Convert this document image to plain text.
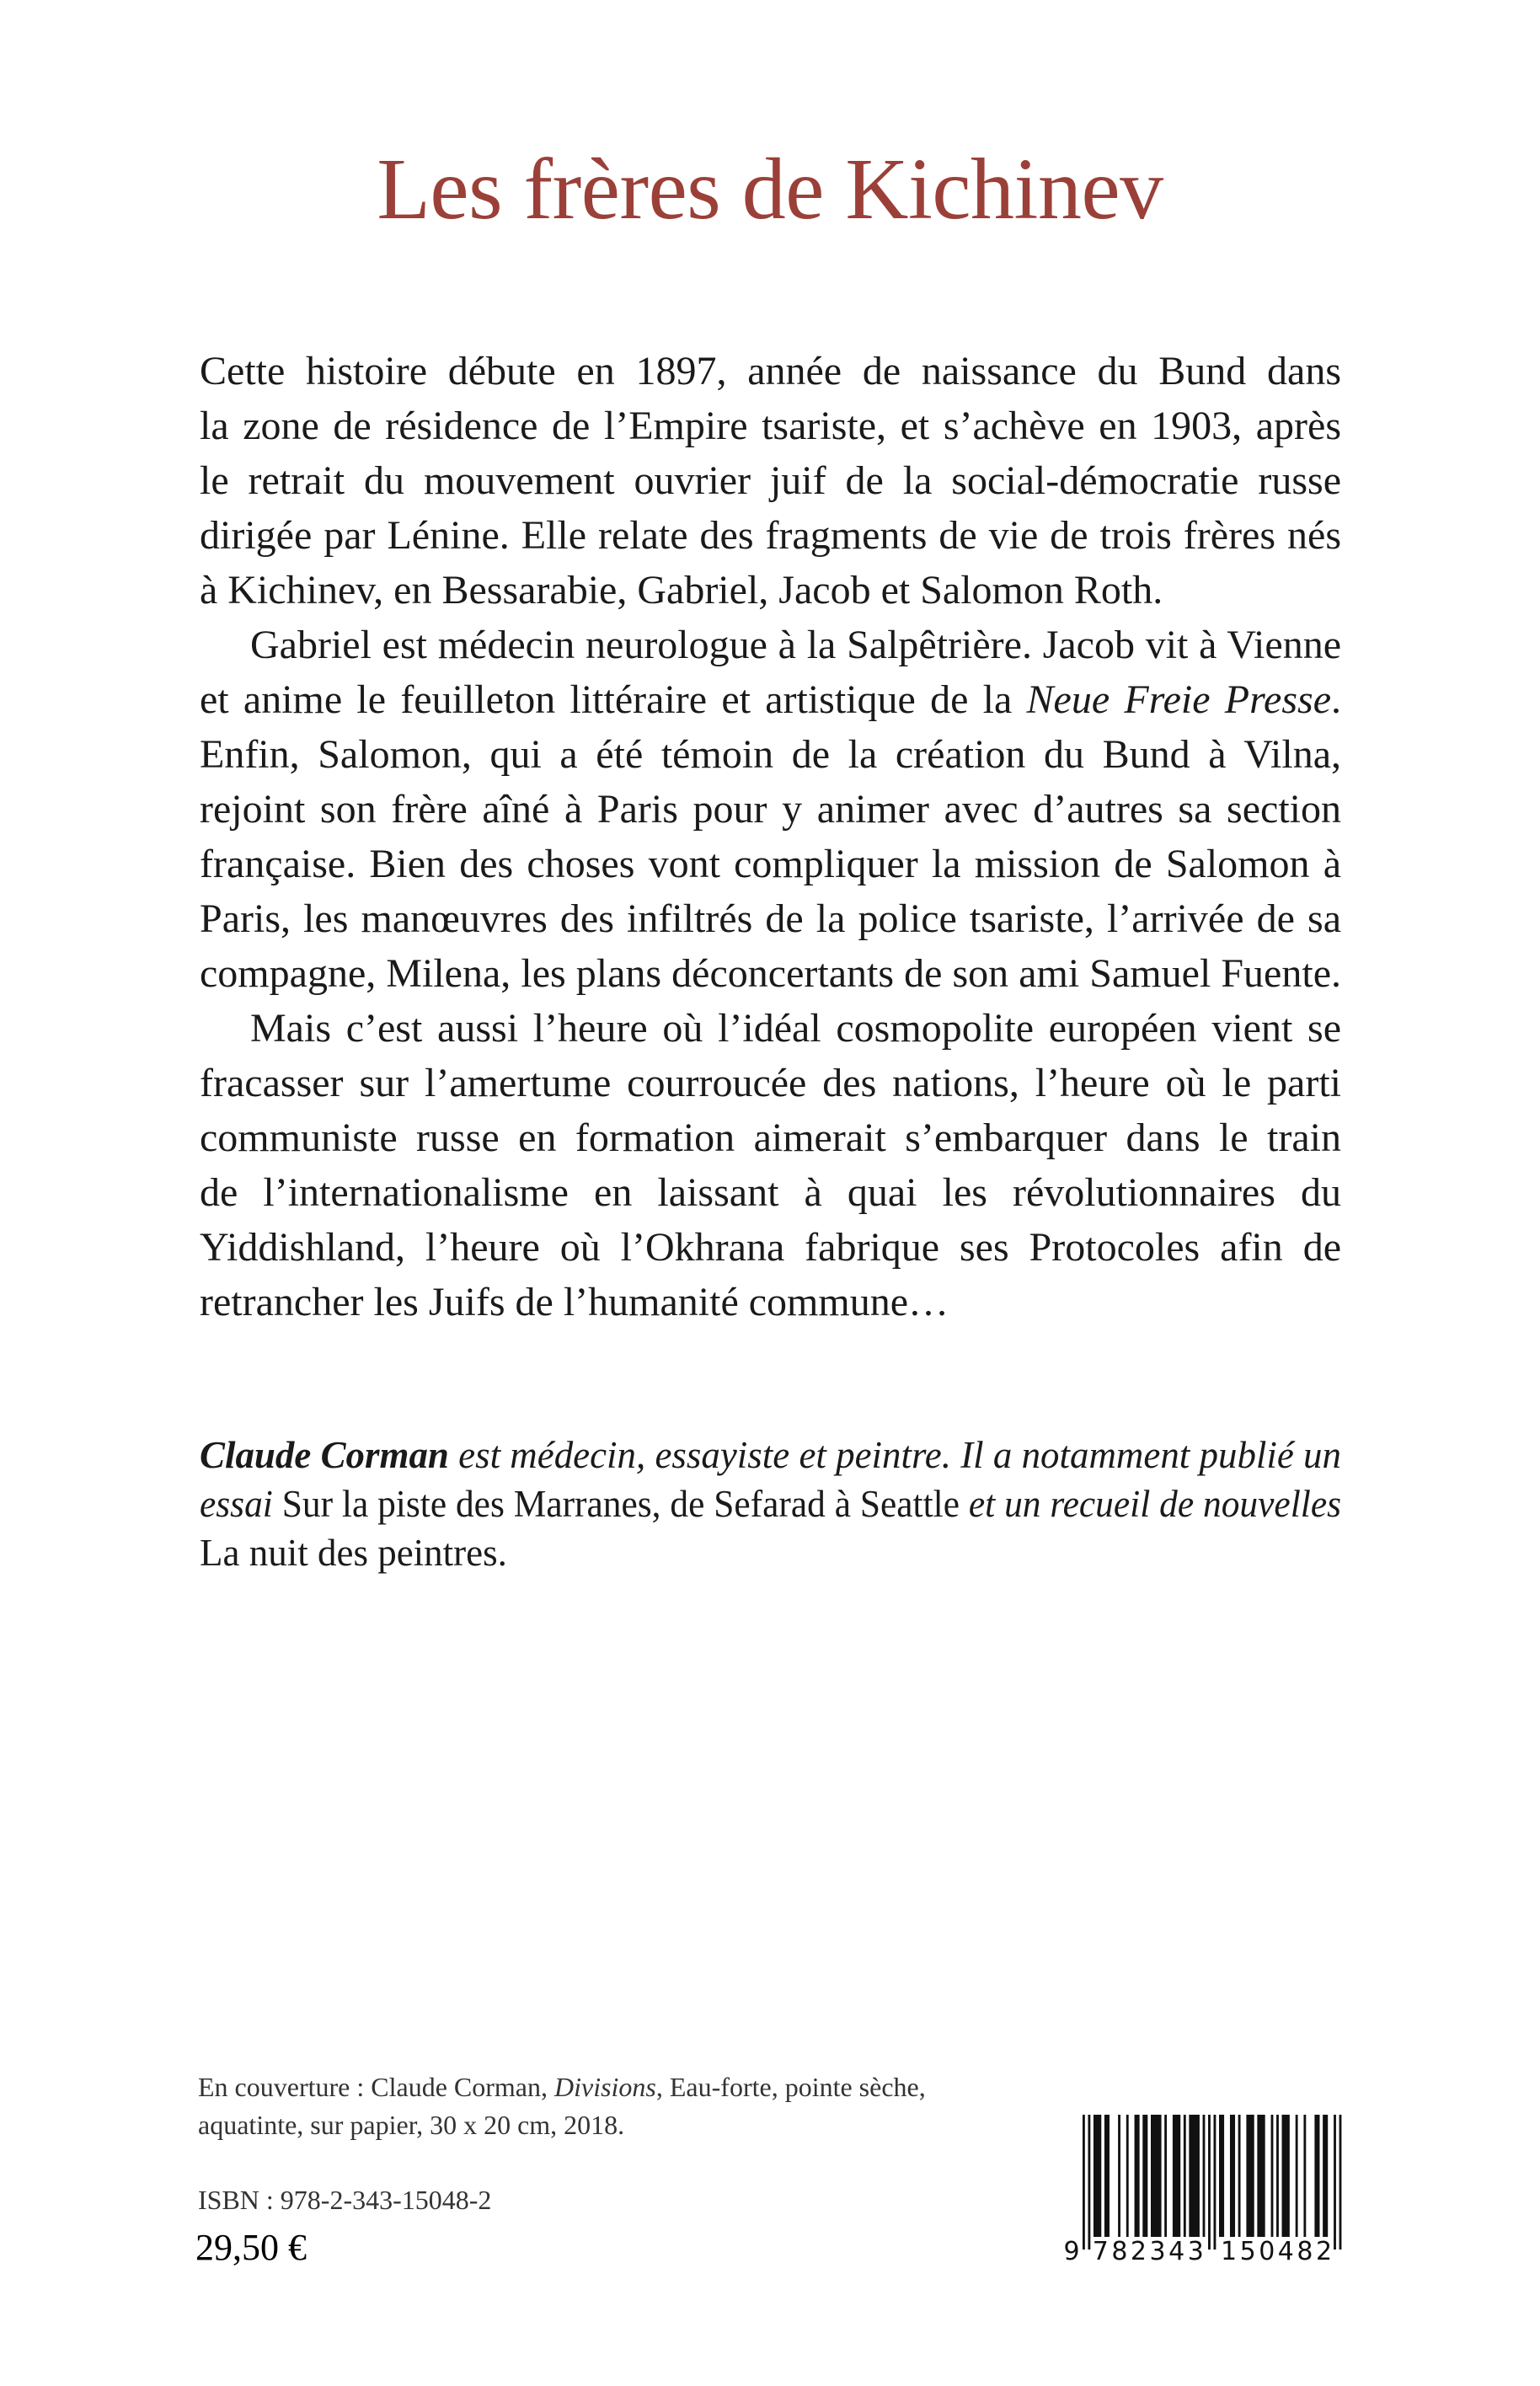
Les frères de Kichinev
Cette histoire débute en 1897, année de naissance du Bund dans
la zone de résidence de l’Empire tsariste, et s’achève en 1903, après
le retrait du mouvement ouvrier juif de la social-démocratie russe
dirigée par Lénine. Elle relate des fragments de vie de trois frères nés
à Kichinev, en Bessarabie, Gabriel, Jacob et Salomon Roth.
Gabriel est médecin neurologue à la Salpêtrière. Jacob vit à Vienne
et anime le feuilleton littéraire et artistique de la Neue Freie Presse.
Enfin, Salomon, qui a été témoin de la création du Bund à Vilna,
rejoint son frère aîné à Paris pour y animer avec d’autres sa section
française. Bien des choses vont compliquer la mission de Salomon à
Paris, les manœuvres des infiltrés de la police tsariste, l’arrivée de sa
compagne, Milena, les plans déconcertants de son ami Samuel Fuente.
Mais c’est aussi l’heure où l’idéal cosmopolite européen vient se
fracasser sur l’amertume courroucée des nations, l’heure où le parti
communiste russe en formation aimerait s’embarquer dans le train
de l’internationalisme en laissant à quai les révolutionnaires du
Yiddishland, l’heure où l’Okhrana fabrique ses Protocoles afin de
retrancher les Juifs de l’humanité commune…
Claude Corman est médecin, essayiste et peintre. Il a notamment publié un
essai Sur la piste des Marranes, de Sefarad à Seattle et un recueil de nouvelles
La nuit des peintres.
En couverture : Claude Corman, Divisions, Eau-forte, pointe sèche,
aquatinte, sur papier, 30 x 20 cm, 2018.
ISBN : 978-2-343-15048-2
29,50 €	9 782343 150482
